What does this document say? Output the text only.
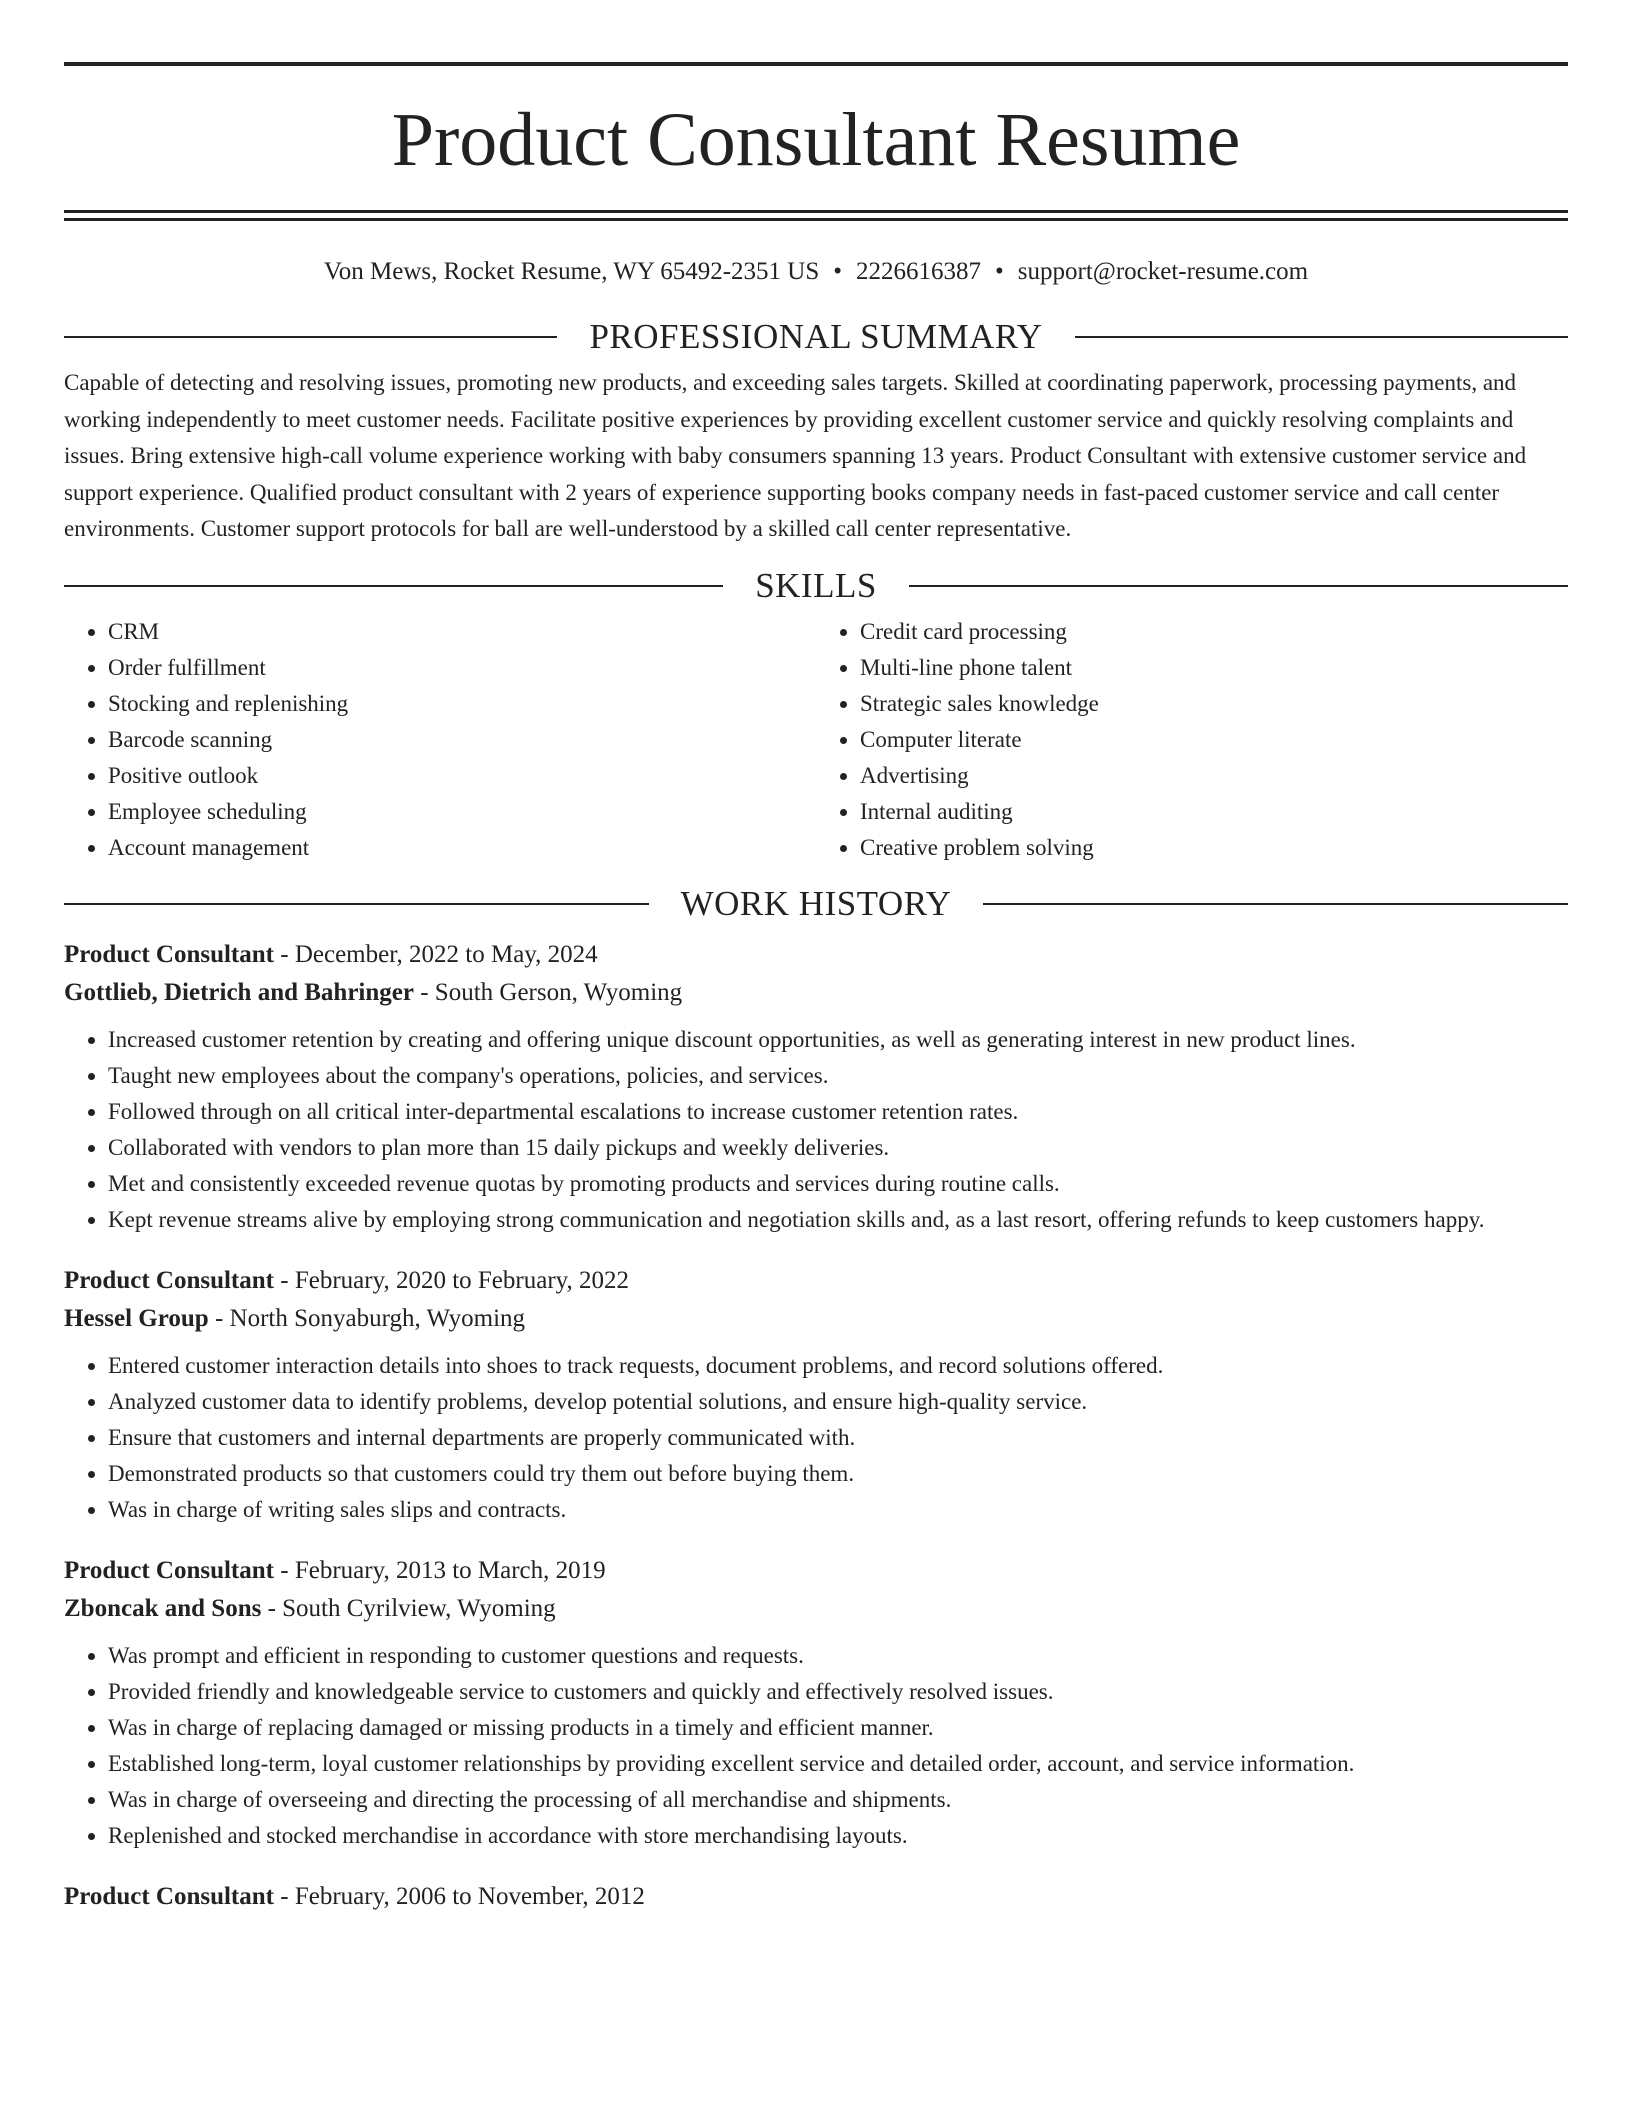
Product Consultant Resume
Von Mews, Rocket Resume, WY 65492-2351 US • 2226616387 • support@rocket-resume.com
PROFESSIONAL SUMMARY

Capable of detecting and resolving issues, promoting new products, and exceeding sales targets. Skilled at coordinating paperwork, processing payments, and working independently to meet customer needs. Facilitate positive experiences by providing excellent customer service and quickly resolving complaints and issues. Bring extensive high-call volume experience working with baby consumers spanning 13 years. Product Consultant with extensive customer service and support experience. Qualified product consultant with 2 years of experience supporting books company needs in fast-paced customer service and call center environments. Customer support protocols for ball are well-understood by a skilled call center representative.

SKILLS
• CRM
• Order fulfillment
• Stocking and replenishing
• Barcode scanning
• Positive outlook
• Employee scheduling
• Account management
• Credit card processing
• Multi-line phone talent
• Strategic sales knowledge
• Computer literate
• Advertising
• Internal auditing
• Creative problem solving
WORK HISTORY
Product Consultant - December, 2022 to May, 2024
Gottlieb, Dietrich and Bahringer - South Gerson, Wyoming
• Increased customer retention by creating and offering unique discount opportunities, as well as generating interest in new product lines.
• Taught new employees about the company's operations, policies, and services.
• Followed through on all critical inter-departmental escalations to increase customer retention rates.
• Collaborated with vendors to plan more than 15 daily pickups and weekly deliveries.
• Met and consistently exceeded revenue quotas by promoting products and services during routine calls.
• Kept revenue streams alive by employing strong communication and negotiation skills and, as a last resort, offering refunds to keep customers happy.
Product Consultant - February, 2020 to February, 2022
Hessel Group - North Sonyaburgh, Wyoming
• Entered customer interaction details into shoes to track requests, document problems, and record solutions offered.
• Analyzed customer data to identify problems, develop potential solutions, and ensure high-quality service.
• Ensure that customers and internal departments are properly communicated with.
• Demonstrated products so that customers could try them out before buying them.
• Was in charge of writing sales slips and contracts.
Product Consultant - February, 2013 to March, 2019
Zboncak and Sons - South Cyrilview, Wyoming
• Was prompt and efficient in responding to customer questions and requests.
• Provided friendly and knowledgeable service to customers and quickly and effectively resolved issues.
• Was in charge of replacing damaged or missing products in a timely and efficient manner.
• Established long-term, loyal customer relationships by providing excellent service and detailed order, account, and service information.
• Was in charge of overseeing and directing the processing of all merchandise and shipments.
• Replenished and stocked merchandise in accordance with store merchandising layouts.
Product Consultant - February, 2006 to November, 2012
